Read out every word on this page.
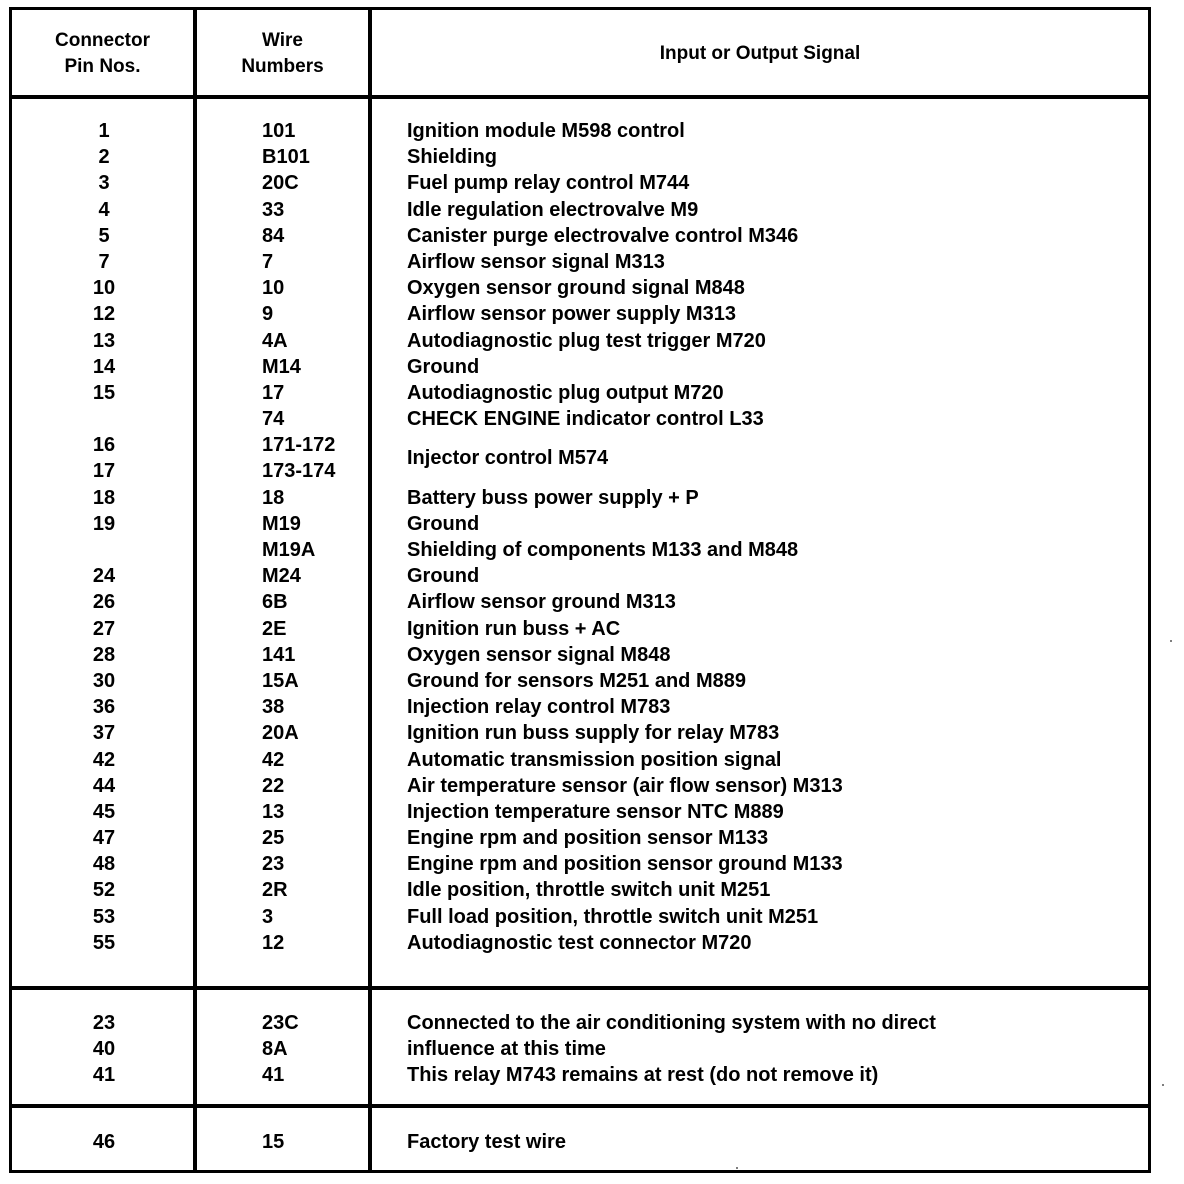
Connector
Pin Nos.
Wire
Numbers
Input or Output Signal
1
2
3
4
5
7
10
12
13
14
15
16
17
18
19
24
26
27
28
30
36
37
42
44
45
47
48
52
53
55
101
B101
20C
33
84
7
10
9
4A
M14
17
74
171-172
173-174
18
M19
M19A
M24
6B
2E
141
15A
38
20A
42
22
13
25
23
2R
3
12
Ignition module M598 control
Shielding
Fuel pump relay control M744
Idle regulation electrovalve M9
Canister purge electrovalve control M346
Airflow sensor signal M313
Oxygen sensor ground signal M848
Airflow sensor power supply M313
Autodiagnostic plug test trigger M720
Ground
Autodiagnostic plug output M720
CHECK ENGINE indicator control L33
Injector control M574
Battery buss power supply + P
Ground
Shielding of components M133 and M848
Ground
Airflow sensor ground M313
Ignition run buss + AC
Oxygen sensor signal M848
Ground for sensors M251 and M889
Injection relay control M783
Ignition run buss supply for relay M783
Automatic transmission position signal
Air temperature sensor (air flow sensor) M313
Injection temperature sensor NTC M889
Engine rpm and position sensor M133
Engine rpm and position sensor ground M133
Idle position, throttle switch unit M251
Full load position, throttle switch unit M251
Autodiagnostic test connector M720
23
40
41
23C
8A
41
Connected to the air conditioning system with no direct
influence at this time
This relay M743 remains at rest (do not remove it)
46	15	Factory test wire
